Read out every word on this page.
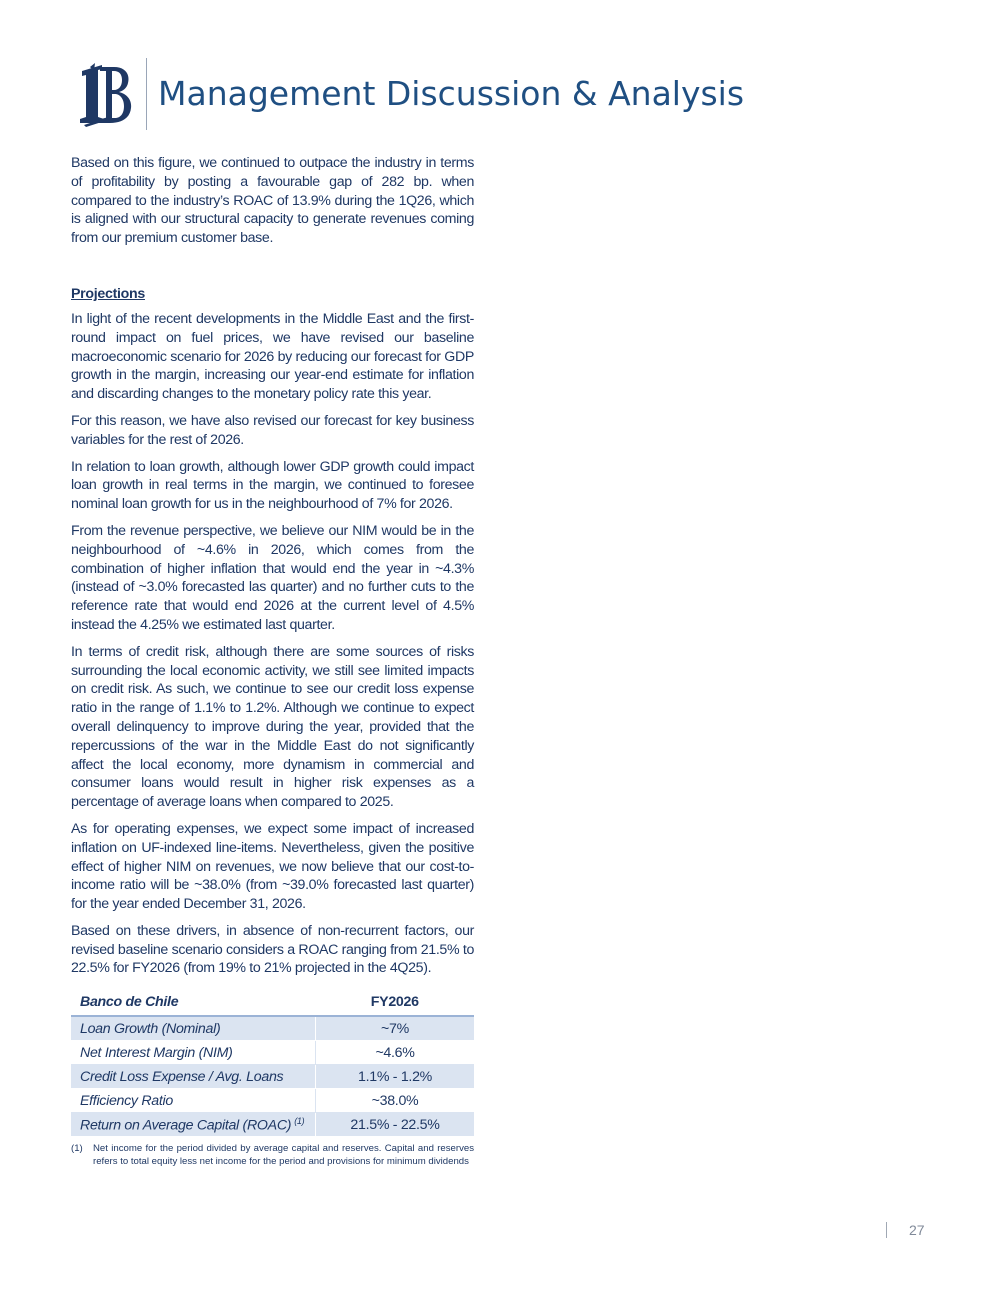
Management Discussion & Analysis

Based on this figure, we continued to outpace the industry in terms of profitability by posting a favourable gap of 282 bp. when compared to the industry’s ROAC of 13.9% during the 1Q26, which is aligned with our structural capacity to generate revenues coming from our premium customer base.

Projections

In light of the recent developments in the Middle East and the first-round impact on fuel prices, we have revised our baseline macroeconomic scenario for 2026 by reducing our forecast for GDP growth in the margin, increasing our year-end estimate for inflation and discarding changes to the monetary policy rate this year.

For this reason, we have also revised our forecast for key business variables for the rest of 2026.

In relation to loan growth, although lower GDP growth could impact loan growth in real terms in the margin, we continued to foresee nominal loan growth for us in the neighbourhood of 7% for 2026.

From the revenue perspective, we believe our NIM would be in the neighbourhood of ~4.6% in 2026, which comes from the combination of higher inflation that would end the year in ~4.3% (instead of ~3.0% forecasted las quarter) and no further cuts to the reference rate that would end 2026 at the current level of 4.5% instead the 4.25% we estimated last quarter.

In terms of credit risk, although there are some sources of risks surrounding the local economic activity, we still see limited impacts on credit risk. As such, we continue to see our credit loss expense ratio in the range of 1.1% to 1.2%. Although we continue to expect overall delinquency to improve during the year, provided that the repercussions of the war in the Middle East do not significantly affect the local economy, more dynamism in commercial and consumer loans would result in higher risk expenses as a percentage of average loans when compared to 2025.

As for operating expenses, we expect some impact of increased inflation on UF-indexed line-items. Nevertheless, given the positive effect of higher NIM on revenues, we now believe that our cost-to-income ratio will be ~38.0% (from ~39.0% forecasted last quarter) for the year ended December 31, 2026.

Based on these drivers, in absence of non-recurrent factors, our revised baseline scenario considers a ROAC ranging from 21.5% to 22.5% for FY2026 (from 19% to 21% projected in the 4Q25).

Banco de Chile	FY2026
Loan Growth (Nominal)	~7%
Net Interest Margin (NIM)	~4.6%
Credit Loss Expense / Avg. Loans	1.1% - 1.2%
Efficiency Ratio	~38.0%
Return on Average Capital (ROAC) $^{(1)}$	21.5% - 22.5%
(1)	Net income for the period divided by average capital and reserves. Capital and reserves refers to total equity less net income for the period and provisions for minimum dividends
27
